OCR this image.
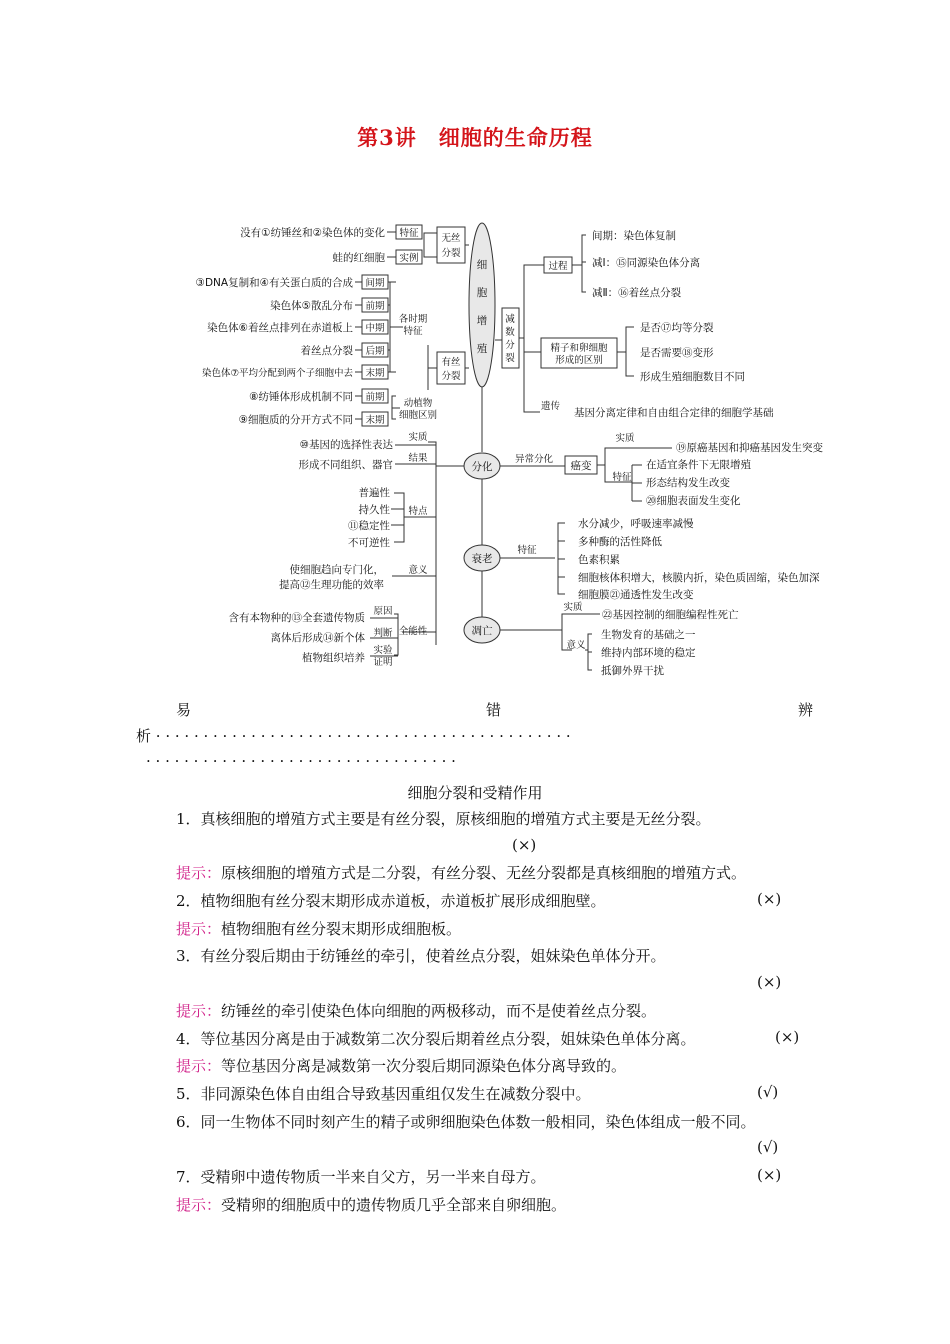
第3讲　细胞的生命历程
细胞增殖
分化
衰老
凋亡
无丝
分裂
特征
实例
没有①纺锤丝和②染色体的变化
蛙的红细胞
有丝
分裂
各时期
特征
动植物
细胞区别
间期
前期
中期
后期
末期
③DNA复制和④有关蛋白质的合成
染色体⑤散乱分布
染色体⑥着丝点排列在赤道板上
着丝点分裂
染色体⑦平均分配到两个子细胞中去
前期
末期
⑧纺锤体形成机制不同
⑨细胞质的分开方式不同
减
数
分
裂
过程
间期：染色体复制
减Ⅰ：⑮同源染色体分离
减Ⅱ：⑯着丝点分裂
精子和卵细胞
形成的区别
是否⑰均等分裂
是否需要⑱变形
形成生殖细胞数目不同
遗传
基因分离定律和自由组合定律的细胞学基础
实质
⑩基因的选择性表达
结果
形成不同组织、器官
特点
普遍性
持久性
⑪稳定性
不可逆性
意义
使细胞趋向专门化，
提高⑫生理功能的效率
全能性
原因
含有本物种的⑬全套遗传物质
判断
离体后形成⑭新个体
实验
证明
植物组织培养
异常分化
癌变
实质
⑲原癌基因和抑癌基因发生突变
特征
在适宜条件下无限增殖
形态结构发生改变
⑳细胞表面发生变化
特征
水分减少，呼吸速率减慢
多种酶的活性降低
色素积累
细胞核体积增大，核膜内折，染色质固缩，染色加深
细胞膜㉑通透性发生改变
实质
㉒基因控制的细胞编程性死亡
意义
生物发育的基础之一
维持内部环境的稳定
抵御外界干扰
易	错	辨
析 · · · · · · · · · · · · · · · · · · · · · · · · · · · · · · · · · · · · · · · · · · · ·
· · · · · · · · · · · · · · · · · · · · · · · · · · · · · · · · ·
细胞分裂和受精作用
1．真核细胞的增殖方式主要是有丝分裂，原核细胞的增殖方式主要是无丝分裂。
(×)
提示：原核细胞的增殖方式是二分裂，有丝分裂、无丝分裂都是真核细胞的增殖方式。
2．植物细胞有丝分裂末期形成赤道板，赤道板扩展形成细胞壁。	(×)
提示：植物细胞有丝分裂末期形成细胞板。
3．有丝分裂后期由于纺锤丝的牵引，使着丝点分裂，姐妹染色单体分开。
(×)
提示：纺锤丝的牵引使染色体向细胞的两极移动，而不是使着丝点分裂。
4．等位基因分离是由于减数第二次分裂后期着丝点分裂，姐妹染色单体分离。	(×)
提示：等位基因分离是减数第一次分裂后期同源染色体分离导致的。
5．非同源染色体自由组合导致基因重组仅发生在减数分裂中。	(√)
6．同一生物体不同时刻产生的精子或卵细胞染色体数一般相同，染色体组成一般不同。
(√)
7．受精卵中遗传物质一半来自父方，另一半来自母方。	(×)
提示：受精卵的细胞质中的遗传物质几乎全部来自卵细胞。
